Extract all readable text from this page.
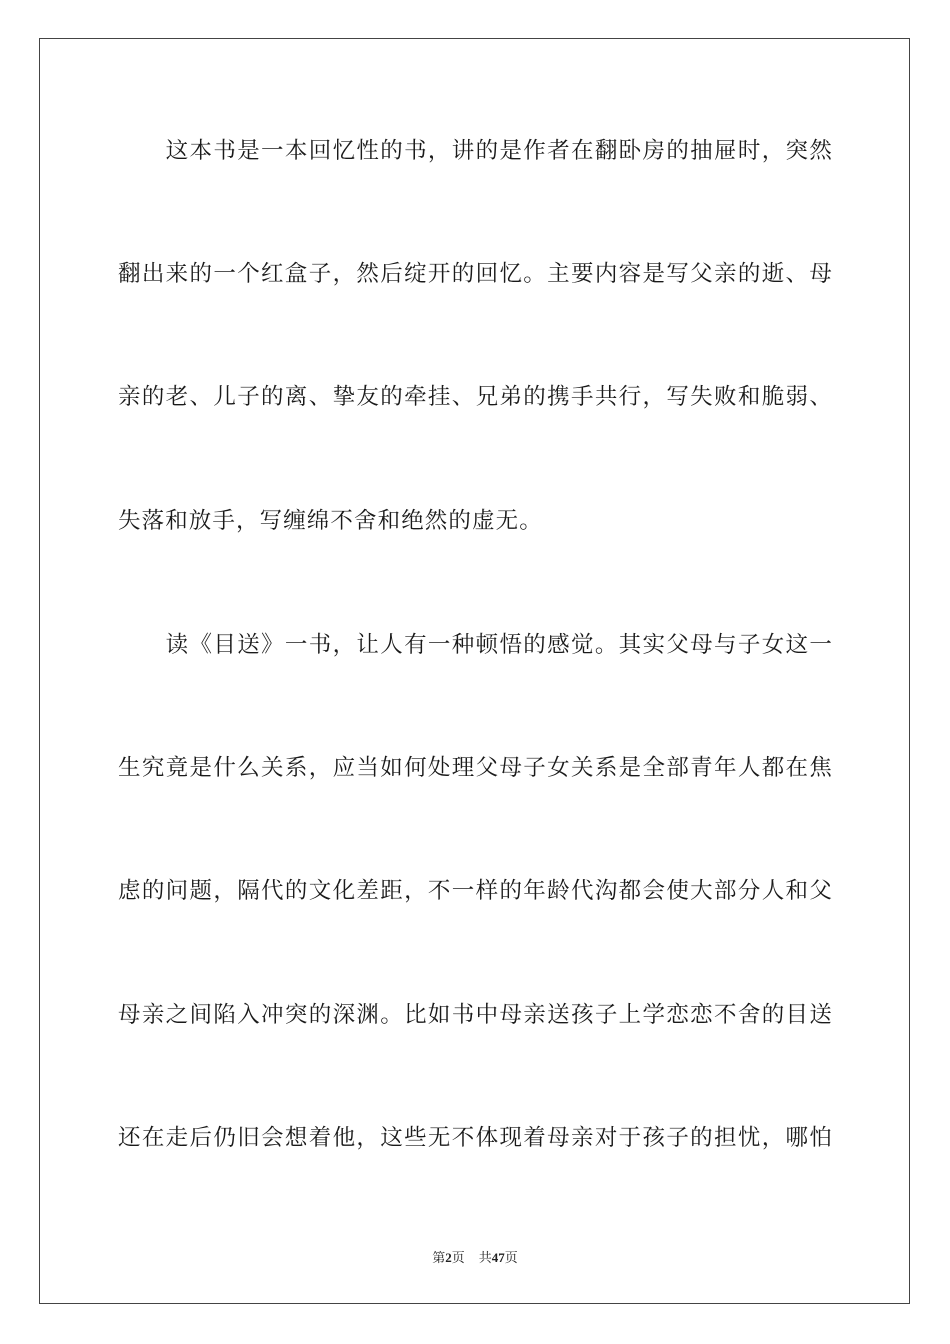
　　这本书是一本回忆性的书，讲的是作者在翻卧房的抽屉时，突然
翻出来的一个红盒子，然后绽开的回忆。主要内容是写父亲的逝、母
亲的老、儿子的离、挚友的牵挂、兄弟的携手共行，写失败和脆弱、
失落和放手，写缠绵不舍和绝然的虚无。
　　读《目送》一书，让人有一种顿悟的感觉。其实父母与子女这一
生究竟是什么关系，应当如何处理父母子女关系是全部青年人都在焦
虑的问题，隔代的文化差距，不一样的年龄代沟都会使大部分人和父
母亲之间陷入冲突的深渊。比如书中母亲送孩子上学恋恋不舍的目送
还在走后仍旧会想着他，这些无不体现着母亲对于孩子的担忧，哪怕
第2页 共47页
